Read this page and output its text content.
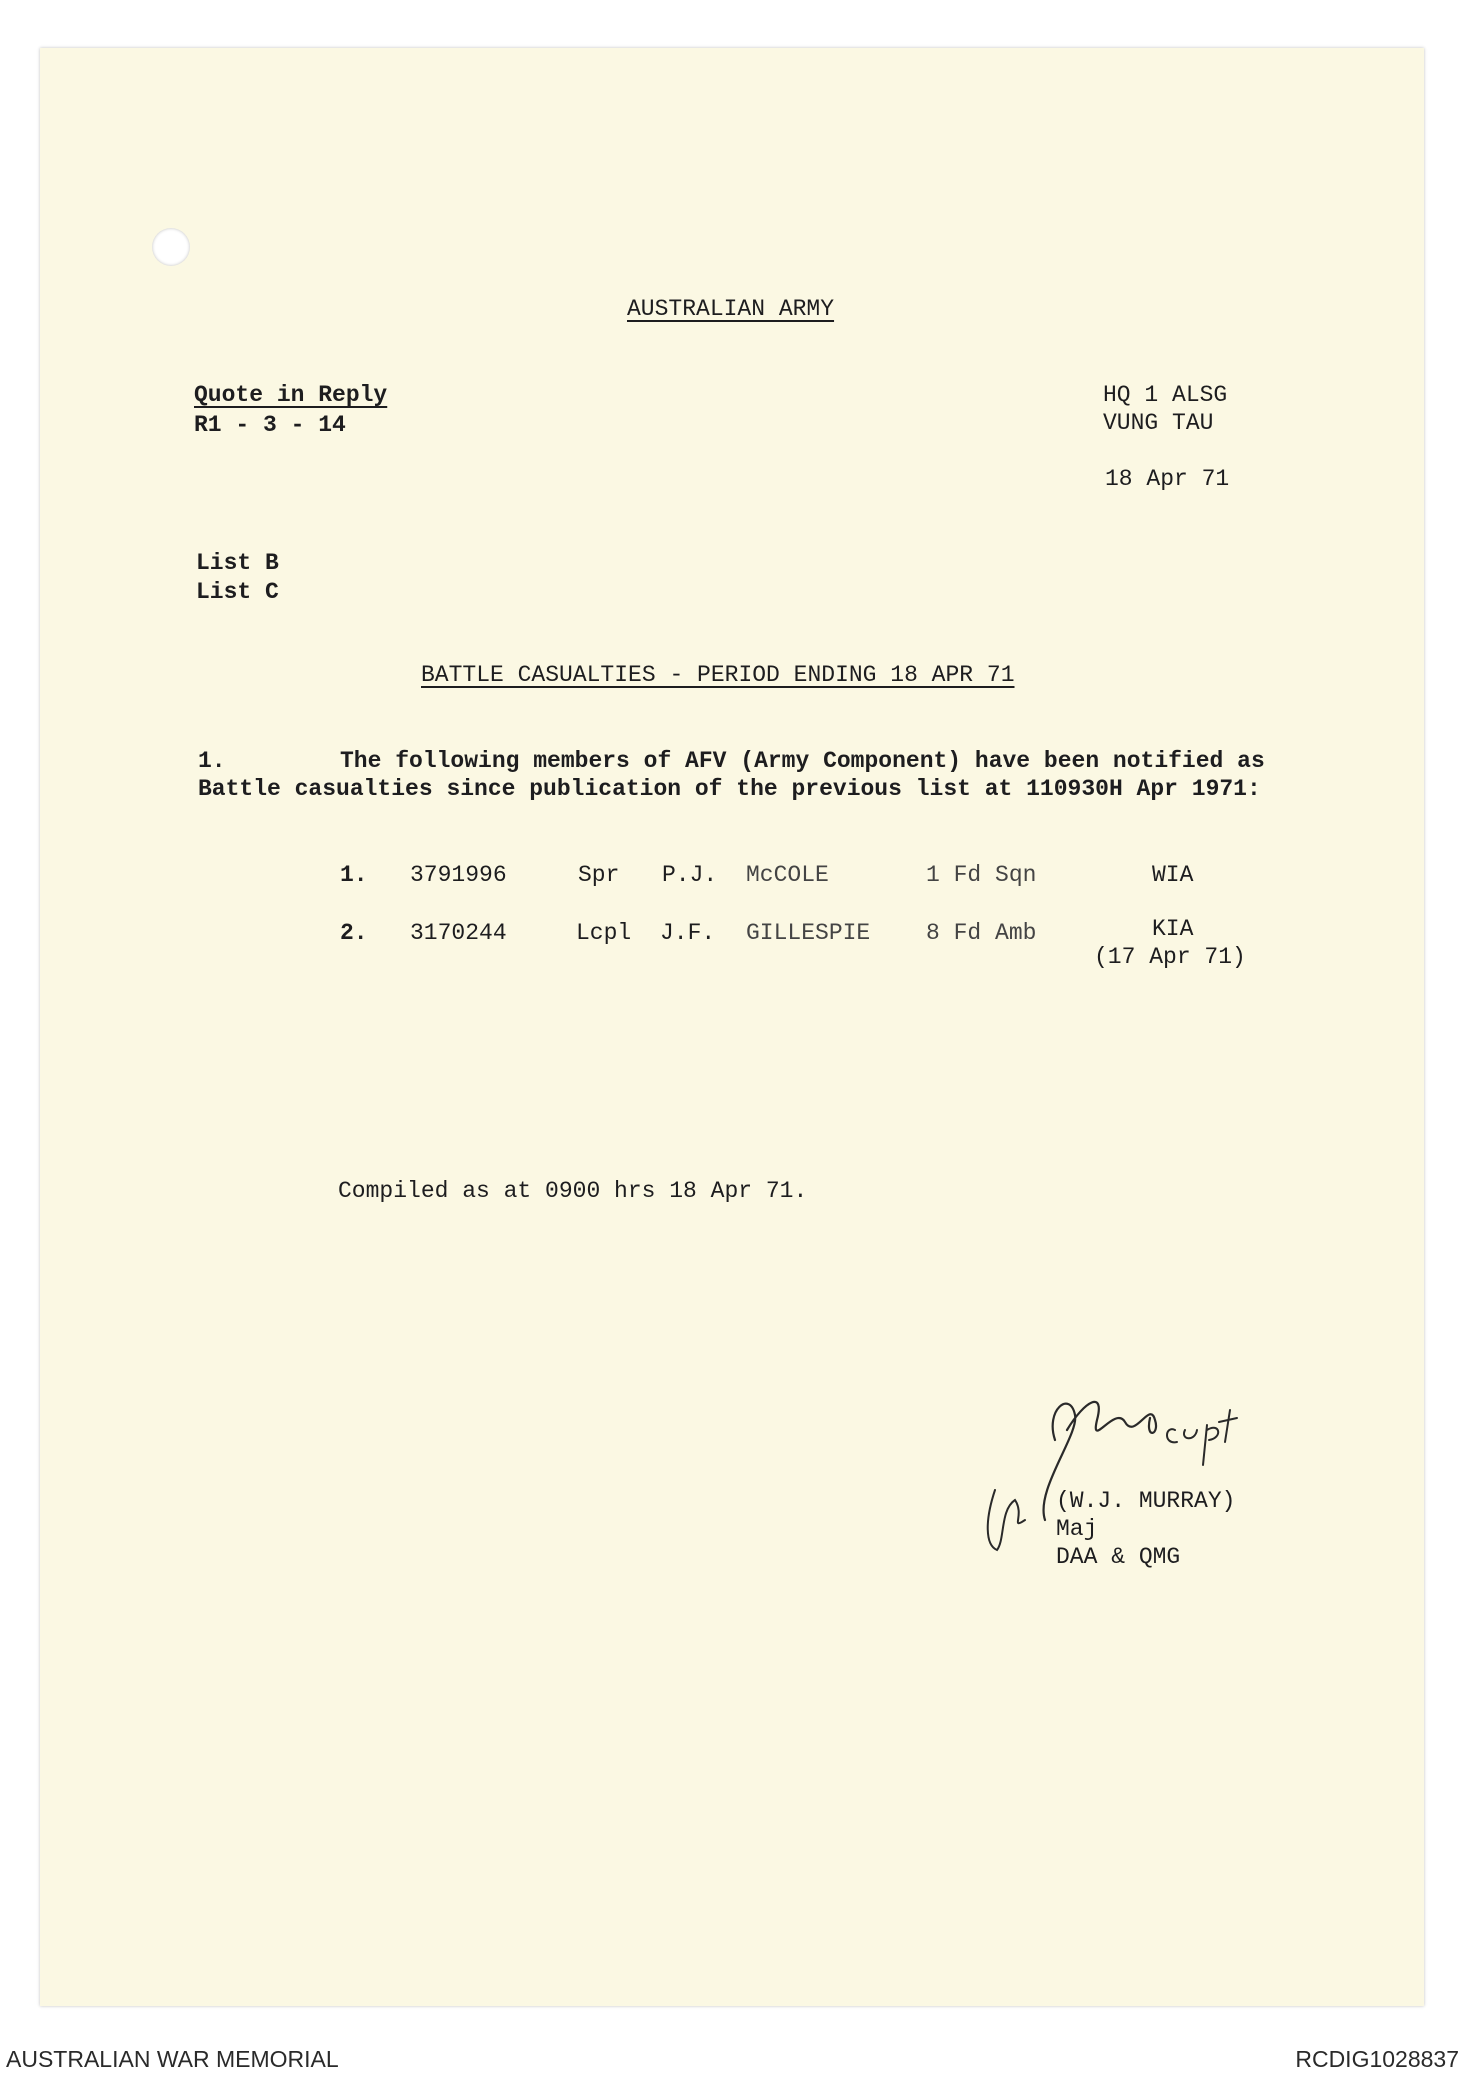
AUSTRALIAN ARMY
Quote in Reply
R1 - 3 - 14
HQ 1 ALSG
VUNG TAU
18 Apr 71
List B
List C
BATTLE CASUALTIES - PERIOD ENDING 18 APR 71
1.	The following members of AFV (Army Component) have been notified as
Battle casualties since publication of the previous list at 110930H Apr 1971:
1. 3791996	Spr P.J. McCOLE	1 Fd Sqn	WIA
2. 3170244	Lcpl J.F. GILLESPIE 8 Fd Amb	KIA
(17 Apr 71)
Compiled as at 0900 hrs 18 Apr 71.
(W.J. MURRAY)
Maj
DAA & QMG
AUSTRALIAN WAR MEMORIAL	RCDIG1028837
